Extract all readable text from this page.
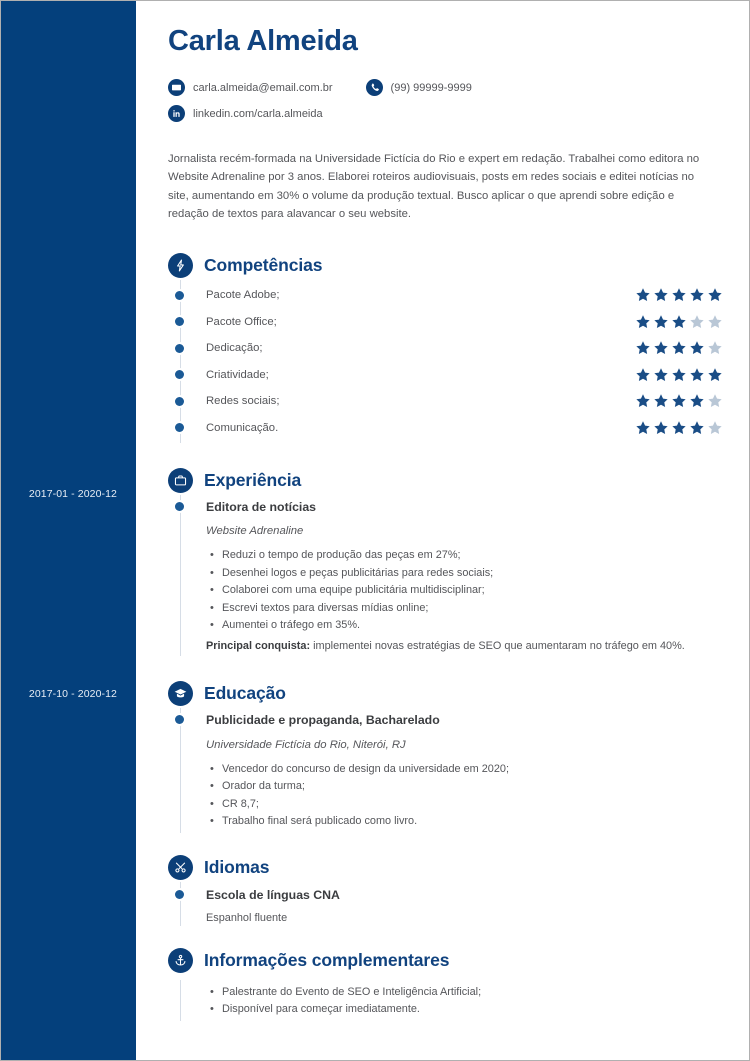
2017-01 - 2020-12
2017-10 - 2020-12
Carla Almeida
carla.almeida@email.com.br	(99) 99999-9999
linkedin.com/carla.almeida
Jornalista recém-formada na Universidade Fictícia do Rio e expert em redação. Trabalhei como editora no Website Adrenaline por 3 anos. Elaborei roteiros audiovisuais, posts em redes sociais e editei notícias no site, aumentando em 30% o volume da produção textual. Busco aplicar o que aprendi sobre edição e redação de textos para alavancar o seu website.
Competências
Pacote Adobe;
Pacote Office;
Dedicação;
Criatividade;
Redes sociais;
Comunicação.
Experiência
Editora de notícias
Website Adrenaline
• Reduzi o tempo de produção das peças em 27%;
• Desenhei logos e peças publicitárias para redes sociais;
• Colaborei com uma equipe publicitária multidisciplinar;
• Escrevi textos para diversas mídias online;
• Aumentei o tráfego em 35%.
Principal conquista: implementei novas estratégias de SEO que aumentaram no tráfego em 40%.
Educação
Publicidade e propaganda, Bacharelado
Universidade Fictícia do Rio, Niterói, RJ
• Vencedor do concurso de design da universidade em 2020;
• Orador da turma;
• CR 8,7;
• Trabalho final será publicado como livro.
Idiomas
Escola de línguas CNA
Espanhol fluente
Informações complementares
• Palestrante do Evento de SEO e Inteligência Artificial;
• Disponível para começar imediatamente.
